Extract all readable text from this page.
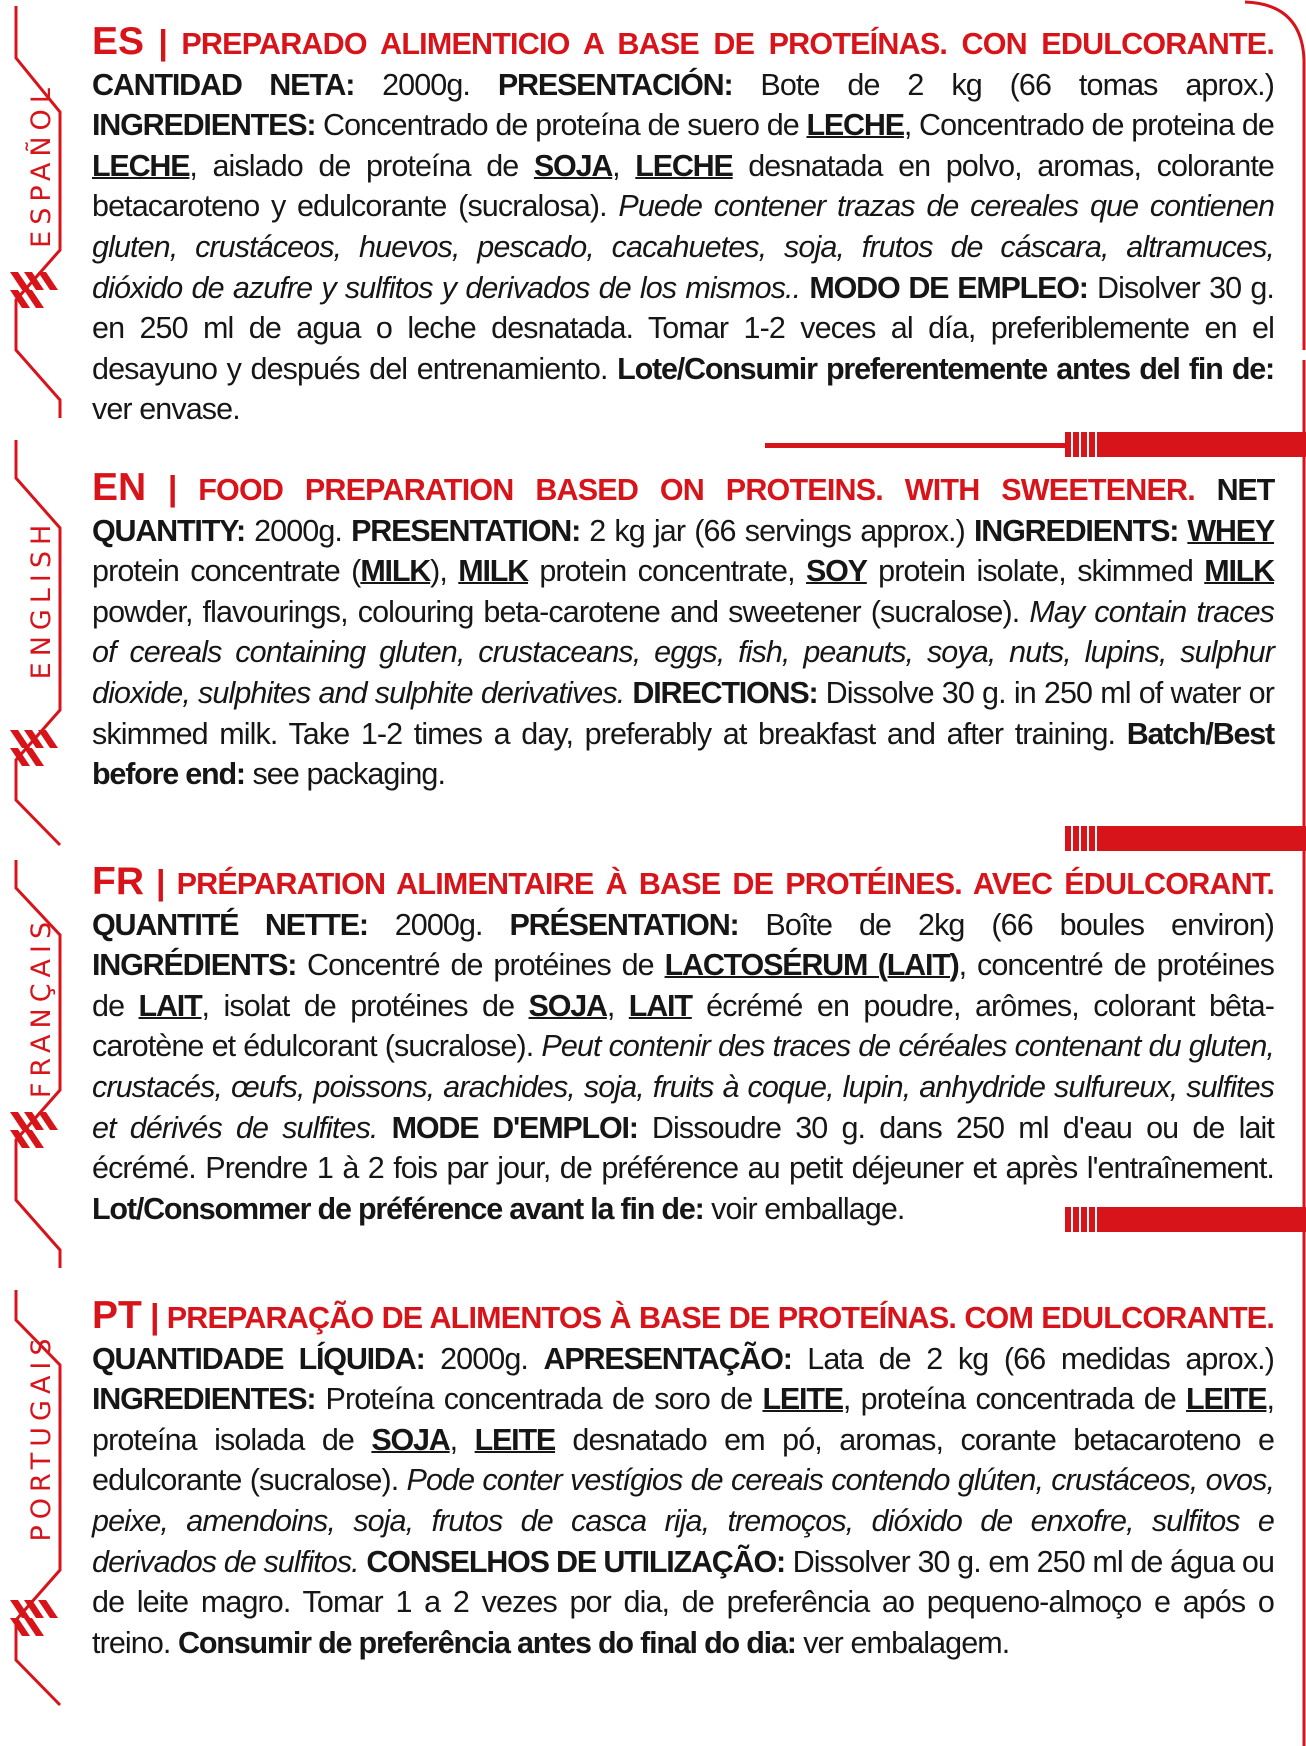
ESPAÑOL
ENGLISH
FRANÇAIS
PORTUGAIS

ES | PREPARADO ALIMENTICIO A BASE DE PROTEÍNAS. CON EDULCORANTE. CANTIDAD NETA: 2000g. PRESENTACIÓN: Bote de 2 kg (66 tomas aprox.) INGREDIENTES: Concentrado de proteína de suero de LECHE, Concentrado de proteina de LECHE, aislado de proteína de SOJA, LECHE desnatada en polvo, aromas, colorante betacaroteno y edulcorante (sucralosa). Puede contener trazas de cereales que contienen gluten, crustáceos, huevos, pescado, cacahuetes, soja, frutos de cáscara, altramuces, dióxido de azufre y sulfitos y derivados de los mismos.. MODO DE EMPLEO: Disolver 30 g. en 250 ml de agua o leche desnatada. Tomar 1-2 veces al día, preferiblemente en el desayuno y después del entrenamiento. Lote/Consumir preferentemente antes del fin de: ver envase.

EN | FOOD PREPARATION BASED ON PROTEINS. WITH SWEETENER. NET QUANTITY: 2000g. PRESENTATION: 2 kg jar (66 servings approx.) INGREDIENTS: WHEY protein concentrate (MILK), MILK protein concentrate, SOY protein isolate, skimmed MILK powder, flavourings, colouring beta-carotene and sweetener (sucralose). May contain traces of cereals containing gluten, crustaceans, eggs, fish, peanuts, soya, nuts, lupins, sulphur dioxide, sulphites and sulphite derivatives. DIRECTIONS: Dissolve 30 g. in 250 ml of water or skimmed milk. Take 1-2 times a day, preferably at breakfast and after training. Batch/Best before end: see packaging.

FR | PRÉPARATION ALIMENTAIRE À BASE DE PROTÉINES. AVEC ÉDULCORANT. QUANTITÉ NETTE: 2000g. PRÉSENTATION: Boîte de 2kg (66 boules environ) INGRÉDIENTS: Concentré de protéines de LACTOSÉRUM (LAIT), concentré de protéines de LAIT, isolat de protéines de SOJA, LAIT écrémé en poudre, arômes, colorant bêta-carotène et édulcorant (sucralose). Peut contenir des traces de céréales contenant du gluten, crustacés, œufs, poissons, arachides, soja, fruits à coque, lupin, anhydride sulfureux, sulfites et dérivés de sulfites. MODE D'EMPLOI: Dissoudre 30 g. dans 250 ml d'eau ou de lait écrémé. Prendre 1 à 2 fois par jour, de préférence au petit déjeuner et après l'entraînement. Lot/Consommer de préférence avant la fin de: voir emballage.

PT | PREPARAÇÃO DE ALIMENTOS À BASE DE PROTEÍNAS. COM EDULCORANTE. QUANTIDADE LÍQUIDA: 2000g. APRESENTAÇÃO: Lata de 2 kg (66 medidas aprox.) INGREDIENTES: Proteína concentrada de soro de LEITE, proteína concentrada de LEITE, proteína isolada de SOJA, LEITE desnatado em pó, aromas, corante betacaroteno e edulcorante (sucralose). Pode conter vestígios de cereais contendo glúten, crustáceos, ovos, peixe, amendoins, soja, frutos de casca rija, tremoços, dióxido de enxofre, sulfitos e derivados de sulfitos. CONSELHOS DE UTILIZAÇÃO: Dissolver 30 g. em 250 ml de água ou de leite magro. Tomar 1 a 2 vezes por dia, de preferência ao pequeno-almoço e após o treino. Consumir de preferência antes do final do dia: ver embalagem.
